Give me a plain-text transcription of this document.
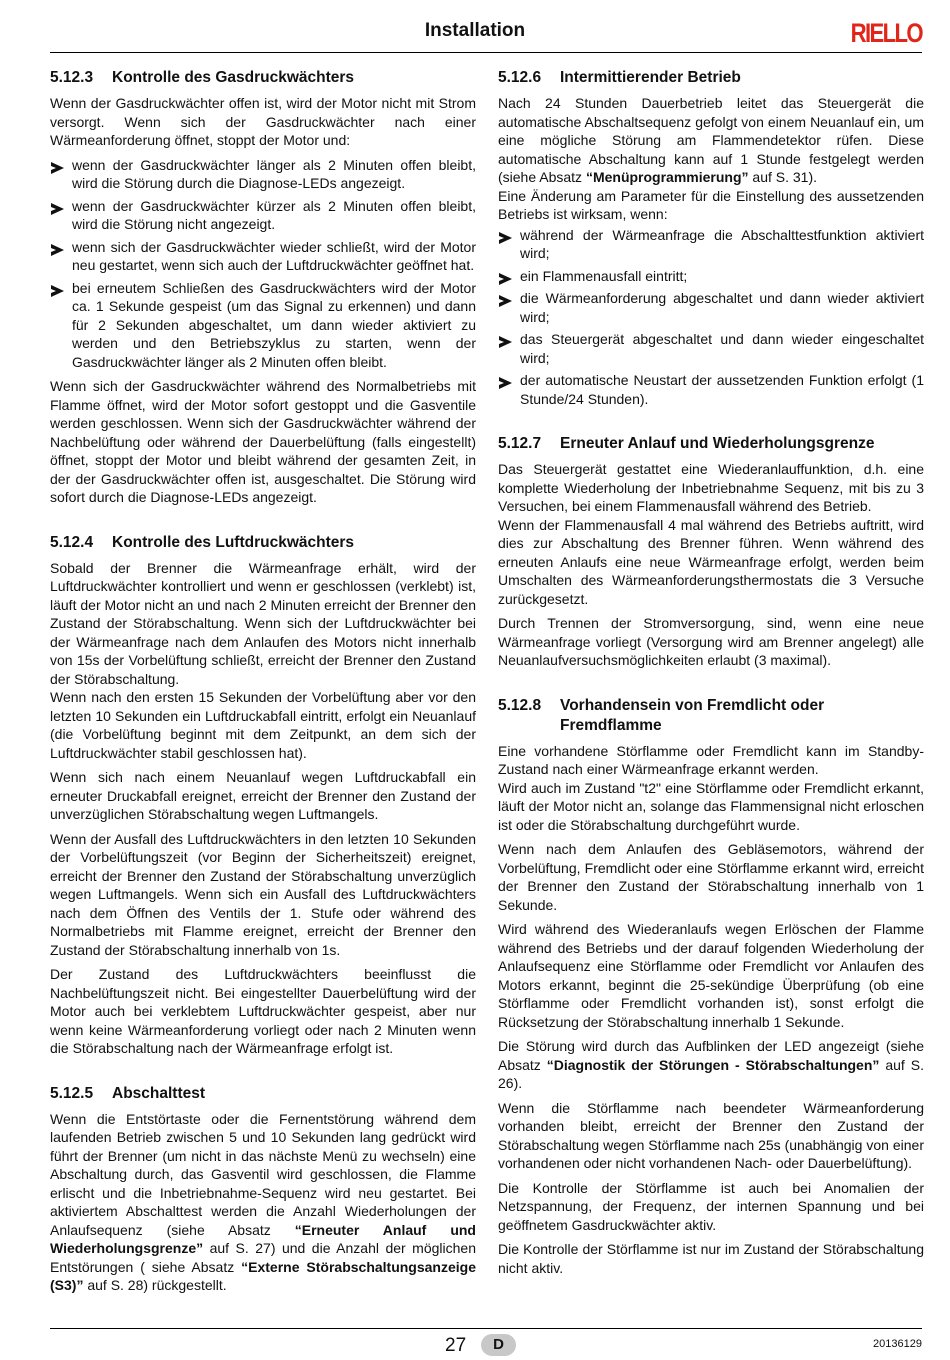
Installation	RIELLO
5.12.3	Kontrolle des Gasdruckwächters

Wenn der Gasdruckwächter offen ist, wird der Motor nicht mit Strom versorgt. Wenn sich der Gasdruckwächter nach einer Wärmeanforderung öffnet, stoppt der Motor und:

wenn der Gasdruckwächter länger als 2 Minuten offen bleibt, wird die Störung durch die Diagnose-LEDs angezeigt.
wenn der Gasdruckwächter kürzer als 2 Minuten offen bleibt, wird die Störung nicht angezeigt.
wenn sich der Gasdruckwächter wieder schließt, wird der Motor neu gestartet, wenn sich auch der Luftdruckwächter geöffnet hat.
bei erneutem Schließen des Gasdruckwächters wird der Motor ca. 1 Sekunde gespeist (um das Signal zu erkennen) und dann für 2 Sekunden abgeschaltet, um dann wieder aktiviert zu werden und den Betriebszyklus zu starten, wenn der Gasdruckwächter länger als 2 Minuten offen bleibt.

Wenn sich der Gasdruckwächter während des Normalbetriebs mit Flamme öffnet, wird der Motor sofort gestoppt und die Gasventile werden geschlossen. Wenn sich der Gasdruckwächter während der Nachbelüftung oder während der Dauerbelüftung (falls eingestellt) öffnet, stoppt der Motor und bleibt während der gesamten Zeit, in der der Gasdruckwächter offen ist, ausgeschaltet. Die Störung wird sofort durch die Diagnose-LEDs angezeigt.

5.12.4	Kontrolle des Luftdruckwächters

Sobald der Brenner die Wärmeanfrage erhält, wird der Luftdruckwächter kontrolliert und wenn er geschlossen (verklebt) ist, läuft der Motor nicht an und nach 2 Minuten erreicht der Brenner den Zustand der Störabschaltung. Wenn sich der Luftdruckwächter bei der Wärmeanfrage nach dem Anlaufen des Motors nicht innerhalb von 15s der Vorbelüftung schließt, erreicht der Brenner den Zustand der Störabschaltung.

Wenn nach den ersten 15 Sekunden der Vorbelüftung aber vor den letzten 10 Sekunden ein Luftdruckabfall eintritt, erfolgt ein Neuanlauf (die Vorbelüftung beginnt mit dem Zeitpunkt, an dem sich der Luftdruckwächter stabil geschlossen hat).

Wenn sich nach einem Neuanlauf wegen Luftdruckabfall ein erneuter Druckabfall ereignet, erreicht der Brenner den Zustand der unverzüglichen Störabschaltung wegen Luftmangels.

Wenn der Ausfall des Luftdruckwächters in den letzten 10 Sekunden der Vorbelüftungszeit (vor Beginn der Sicherheitszeit) ereignet, erreicht der Brenner den Zustand der Störabschaltung unverzüglich wegen Luftmangels. Wenn sich ein Ausfall des Luftdruckwächters nach dem Öffnen des Ventils der 1. Stufe oder während des Normalbetriebs mit Flamme ereignet, erreicht der Brenner den Zustand der Störabschaltung innerhalb von 1s.

Der Zustand des Luftdruckwächters beeinflusst die Nachbelüftungszeit nicht. Bei eingestellter Dauerbelüftung wird der Motor auch bei verklebtem Luftdruckwächter gespeist, aber nur wenn keine Wärmeanforderung vorliegt oder nach 2 Minuten wenn die Störabschaltung nach der Wärmeanfrage erfolgt ist.

5.12.5	Abschalttest

Wenn die Entstörtaste oder die Fernentstörung während dem laufenden Betrieb zwischen 5 und 10 Sekunden lang gedrückt wird führt der Brenner (um nicht in das nächste Menü zu wechseln) eine Abschaltung durch, das Gasventil wird geschlossen, die Flamme erlischt und die Inbetriebnahme-Sequenz wird neu gestartet. Bei aktiviertem Abschalttest werden die Anzahl Wiederholungen der Anlaufsequenz (siehe Absatz “Erneuter Anlauf und Wiederholungsgrenze” auf S. 27) und die Anzahl der möglichen Entstörungen ( siehe Absatz “Externe Störabschaltungsanzeige (S3)” auf S. 28) rückgestellt.

5.12.6	Intermittierender Betrieb

Nach 24 Stunden Dauerbetrieb leitet das Steuergerät die automatische Abschaltsequenz gefolgt von einem Neuanlauf ein, um eine mögliche Störung am Flammendetektor rüfen. Diese automatische Abschaltung kann auf 1 Stunde festgelegt werden (siehe Absatz “Menüprogrammierung” auf S. 31).

Eine Änderung am Parameter für die Einstellung des aussetzenden Betriebs ist wirksam, wenn:

während der Wärmeanfrage die Abschalttestfunktion aktiviert wird;
ein Flammenausfall eintritt;
die Wärmeanforderung abgeschaltet und dann wieder aktiviert wird;
das Steuergerät abgeschaltet und dann wieder eingeschaltet wird;
der automatische Neustart der aussetzenden Funktion erfolgt (1 Stunde/24 Stunden).
5.12.7	Erneuter Anlauf und Wiederholungsgrenze

Das Steuergerät gestattet eine Wiederanlauffunktion, d.h. eine komplette Wiederholung der Inbetriebnahme Sequenz, mit bis zu 3 Versuchen, bei einem Flammenausfall während des Betrieb.

Wenn der Flammenausfall 4 mal während des Betriebs auftritt, wird dies zur Abschaltung des Brenner führen. Wenn während des erneuten Anlaufs eine neue Wärmeanfrage erfolgt, werden beim Umschalten des Wärmeanforderungsthermostats die 3 Versuche zurückgesetzt.

Durch Trennen der Stromversorgung, sind, wenn eine neue Wärmeanfrage vorliegt (Versorgung wird am Brenner angelegt) alle Neuanlaufversuchsmöglichkeiten erlaubt (3 maximal).

5.12.8	Vorhandensein von Fremdlicht oder Fremdflamme

Eine vorhandene Störflamme oder Fremdlicht kann im Standby-Zustand nach einer Wärmeanfrage erkannt werden.

Wird auch im Zustand "t2" eine Störflamme oder Fremdlicht erkannt, läuft der Motor nicht an, solange das Flammensignal nicht erloschen ist oder die Störabschaltung durchgeführt wurde.

Wenn nach dem Anlaufen des Gebläsemotors, während der Vorbelüftung, Fremdlicht oder eine Störflamme erkannt wird, erreicht der Brenner den Zustand der Störabschaltung innerhalb von 1 Sekunde.

Wird während des Wiederanlaufs wegen Erlöschen der Flamme während des Betriebs und der darauf folgenden Wiederholung der Anlaufsequenz eine Störflamme oder Fremdlicht vor Anlaufen des Motors erkannt, beginnt die 25-sekündige Überprüfung (ob eine Störflamme oder Fremdlicht vorhanden ist), sonst erfolgt die Rücksetzung der Störabschaltung innerhalb 1 Sekunde.

Die Störung wird durch das Aufblinken der LED angezeigt (siehe Absatz “Diagnostik der Störungen - Störabschaltungen” auf S. 26).

Wenn die Störflamme nach beendeter Wärmeanforderung vorhanden bleibt, erreicht der Brenner den Zustand der Störabschaltung wegen Störflamme nach 25s (unabhängig von einer vorhandenen oder nicht vorhandenen Nach- oder Dauerbelüftung).

Die Kontrolle der Störflamme ist auch bei Anomalien der Netzspannung, der Frequenz, der internen Spannung und bei geöffnetem Gasdruckwächter aktiv.

Die Kontrolle der Störflamme ist nur im Zustand der Störabschaltung nicht aktiv.

27	D	20136129
